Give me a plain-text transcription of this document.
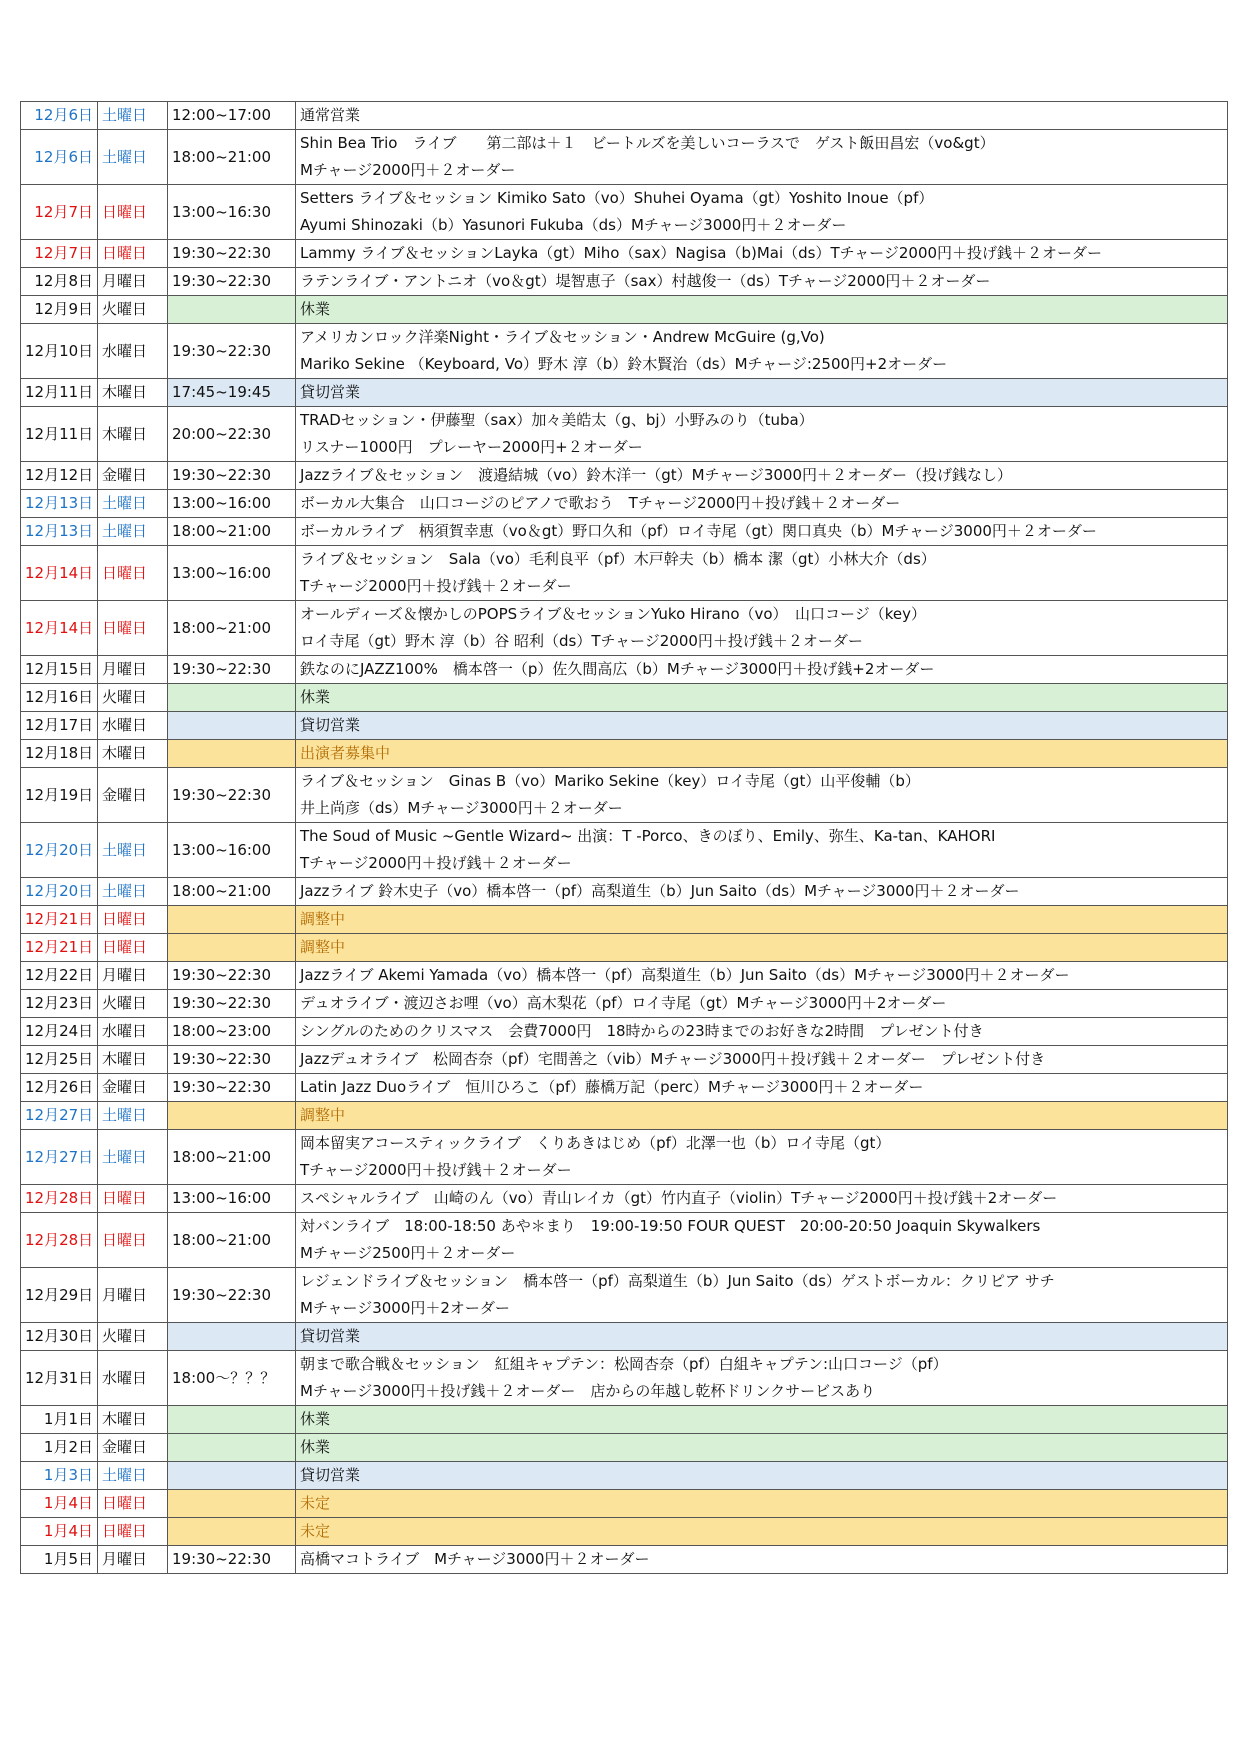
12月6日	土曜日	12:00~17:00	通常営業

12月6日	土曜日	18:00~21:00	Shin Bea Trio　ライブ　　第二部は＋１　ビートルズを美しいコーラスで　ゲスト飯田昌宏（vo&gt）
Mチャージ2000円＋２オーダー

12月7日	日曜日	13:00~16:30	Setters ライブ＆セッション Kimiko Sato（vo）Shuhei Oyama（gt）Yoshito Inoue（pf）
Ayumi Shinozaki（b）Yasunori Fukuba（ds）Mチャージ3000円＋２オーダー

12月7日	日曜日	19:30~22:30	Lammy ライブ＆セッションLayka（gt）Miho（sax）Nagisa（b)Mai（ds）Tチャージ2000円＋投げ銭＋２オーダー

12月8日	月曜日	19:30~22:30	ラテンライブ・アントニオ（vo＆gt）堤智恵子（sax）村越俊一（ds）Tチャージ2000円＋２オーダー

12月9日	火曜日		休業

12月10日	水曜日	19:30~22:30	アメリカンロック洋楽Night・ライブ＆セッション・Andrew McGuire (g,Vo)
Mariko Sekine （Keyboard, Vo）野木 淳（b）鈴木賢治（ds）Mチャージ:2500円+2オーダー

12月11日	木曜日	17:45~19:45	貸切営業

12月11日	木曜日	20:00~22:30	TRADセッション・伊藤聖（sax）加々美皓太（g、bj）小野みのり（tuba）
リスナー1000円　プレーヤー2000円+２オーダー

12月12日	金曜日	19:30~22:30	Jazzライブ＆セッション　渡邉結城（vo）鈴木洋一（gt）Mチャージ3000円＋２オーダー（投げ銭なし）

12月13日	土曜日	13:00~16:00	ボーカル大集合　山口コージのピアノで歌おう　Tチャージ2000円＋投げ銭＋２オーダー

12月13日	土曜日	18:00~21:00	ボーカルライブ　柄須賀幸恵（vo＆gt）野口久和（pf）ロイ寺尾（gt）関口真央（b）Mチャージ3000円＋２オーダー

12月14日	日曜日	13:00~16:00	ライブ＆セッション　Sala（vo）毛利良平（pf）木戸幹夫（b）橋本 潔（gt）小林大介（ds）
Tチャージ2000円＋投げ銭＋２オーダー

12月14日	日曜日	18:00~21:00	オールディーズ＆懐かしのPOPSライブ＆セッションYuko Hirano（vo）　山口コージ（key）
ロイ寺尾（gt）野木 淳（b）谷 昭利（ds）Tチャージ2000円＋投げ銭＋２オーダー

12月15日	月曜日	19:30~22:30	鉄なのにJAZZ100%　橋本啓一（p）佐久間高広（b）Mチャージ3000円＋投げ銭+2オーダー

12月16日	火曜日		休業

12月17日	水曜日		貸切営業

12月18日	木曜日		出演者募集中

12月19日	金曜日	19:30~22:30	ライブ＆セッション　Ginas B（vo）Mariko Sekine（key）ロイ寺尾（gt）山平俊輔（b）
井上尚彦（ds）Mチャージ3000円＋２オーダー

12月20日	土曜日	13:00~16:00	The Soud of Music ~Gentle Wizard~ 出演：T -Porco、きのぼり、Emily、弥生、Ka-tan、KAHORI
Tチャージ2000円＋投げ銭＋２オーダー

12月20日	土曜日	18:00~21:00	Jazzライブ 鈴木史子（vo）橋本啓一（pf）高梨道生（b）Jun Saito（ds）Mチャージ3000円＋２オーダー

12月21日	日曜日		調整中

12月21日	日曜日		調整中

12月22日	月曜日	19:30~22:30	Jazzライブ Akemi Yamada（vo）橋本啓一（pf）高梨道生（b）Jun Saito（ds）Mチャージ3000円＋２オーダー

12月23日	火曜日	19:30~22:30	デュオライブ・渡辺さお哩（vo）高木梨花（pf）ロイ寺尾（gt）Mチャージ3000円＋2オーダー

12月24日	水曜日	18:00~23:00	シングルのためのクリスマス　会費7000円　18時からの23時までのお好きな2時間　プレゼント付き

12月25日	木曜日	19:30~22:30	Jazzデュオライブ　松岡杏奈（pf）宅間善之（vib）Mチャージ3000円＋投げ銭＋２オーダー　プレゼント付き

12月26日	金曜日	19:30~22:30	Latin Jazz Duoライブ　恒川ひろこ（pf）藤橋万記（perc）Mチャージ3000円＋２オーダー

12月27日	土曜日		調整中

12月27日	土曜日	18:00~21:00	岡本留実アコースティックライブ　くりあきはじめ（pf）北澤一也（b）ロイ寺尾（gt）
Tチャージ2000円＋投げ銭＋２オーダー

12月28日	日曜日	13:00~16:00	スペシャルライブ　山崎のん（vo）青山レイカ（gt）竹内直子（violin）Tチャージ2000円＋投げ銭＋2オーダー

12月28日	日曜日	18:00~21:00	対バンライブ　18:00-18:50 あや＊まり　19:00-19:50 FOUR QUEST　20:00-20:50 Joaquin Skywalkers
Mチャージ2500円＋２オーダー

12月29日	月曜日	19:30~22:30	レジェンドライブ＆セッション　橋本啓一（pf）高梨道生（b）Jun Saito（ds）ゲストボーカル：クリピア サチ
Mチャージ3000円＋2オーダー

12月30日	火曜日		貸切営業

12月31日	水曜日	18:00～？？？	朝まで歌合戦＆セッション　紅組キャプテン：松岡杏奈（pf）白組キャプテン:山口コージ（pf）
Mチャージ3000円＋投げ銭＋２オーダー　店からの年越し乾杯ドリンクサービスあり

1月1日	木曜日		休業

1月2日	金曜日		休業

1月3日	土曜日		貸切営業

1月4日	日曜日		未定

1月4日	日曜日		未定

1月5日	月曜日	19:30~22:30	高橋マコトライブ　Mチャージ3000円＋２オーダー
